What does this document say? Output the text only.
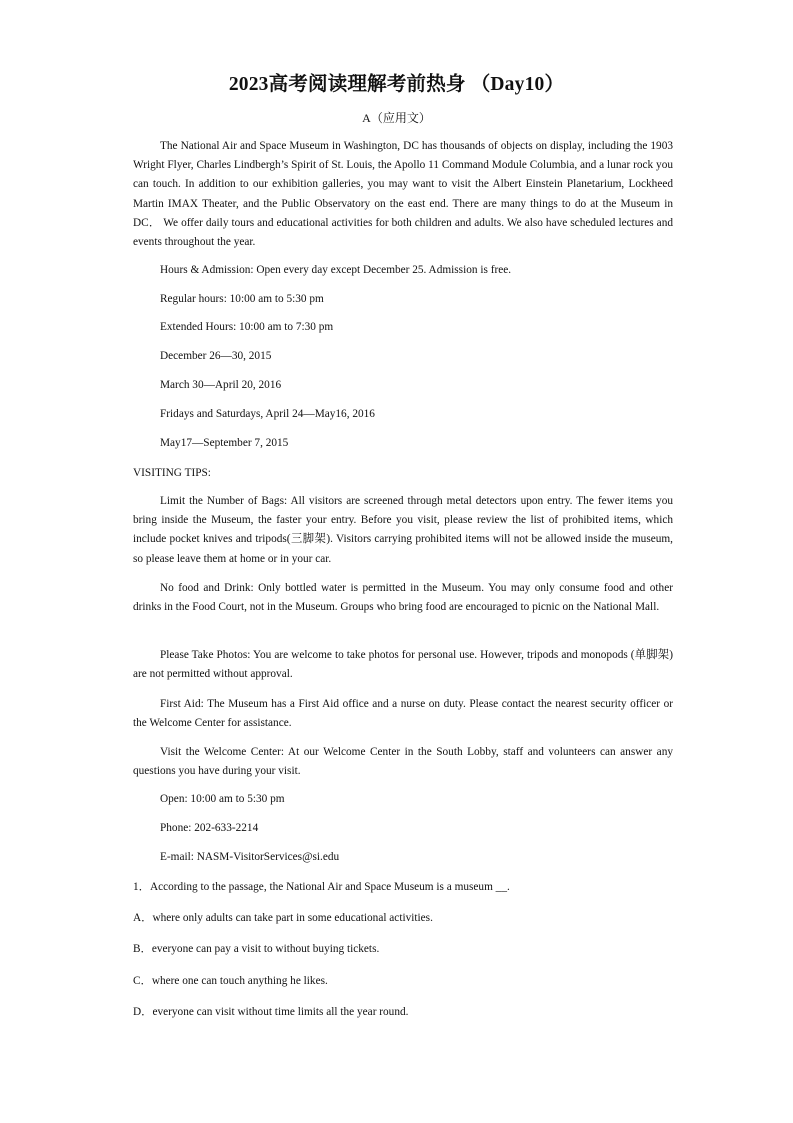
2023高考阅读理解考前热身 （Day10）
A（应用文）
The National Air and Space Museum in Washington, DC has thousands of objects on display, including the 1903 Wright Flyer, Charles Lindbergh’s Spirit of St. Louis, the Apollo 11 Command Module Columbia, and a lunar rock you can touch. In addition to our exhibition galleries, you may want to visit the Albert Einstein Planetarium, Lockheed Martin IMAX Theater, and the Public Observatory on the east end. There are many things to do at the Museum in DC． We offer daily tours and educational activities for both children and adults. We also have scheduled lectures and events throughout the year.
Hours & Admission: Open every day except December 25. Admission is free.
Regular hours: 10:00 am to 5:30 pm
Extended Hours: 10:00 am to 7:30 pm
December 26—30, 2015
March 30—April 20, 2016
Fridays and Saturdays, April 24—May16, 2016
May17—September 7, 2015
VISITING TIPS:
Limit the Number of Bags: All visitors are screened through metal detectors upon entry. The fewer items you bring inside the Museum, the faster your entry. Before you visit, please review the list of prohibited items, which include pocket knives and tripods(三脚架). Visitors carrying prohibited items will not be allowed inside the museum, so please leave them at home or in your car.
No food and Drink: Only bottled water is permitted in the Museum. You may only consume food and other drinks in the Food Court, not in the Museum. Groups who bring food are encouraged to picnic on the National Mall.
Please Take Photos: You are welcome to take photos for personal use. However, tripods and monopods (单脚架) are not permitted without approval.
First Aid: The Museum has a First Aid office and a nurse on duty. Please contact the nearest security officer or the Welcome Center for assistance.
Visit the Welcome Center: At our Welcome Center in the South Lobby, staff and volunteers can answer any questions you have during your visit.
Open: 10:00 am to 5:30 pm
Phone: 202-633-2214
E-mail: NASM-VisitorServices@si.edu
1．According to the passage, the National Air and Space Museum is a museum __.
A．where only adults can take part in some educational activities.
B．everyone can pay a visit to without buying tickets.
C．where one can touch anything he likes.
D．everyone can visit without time limits all the year round.
